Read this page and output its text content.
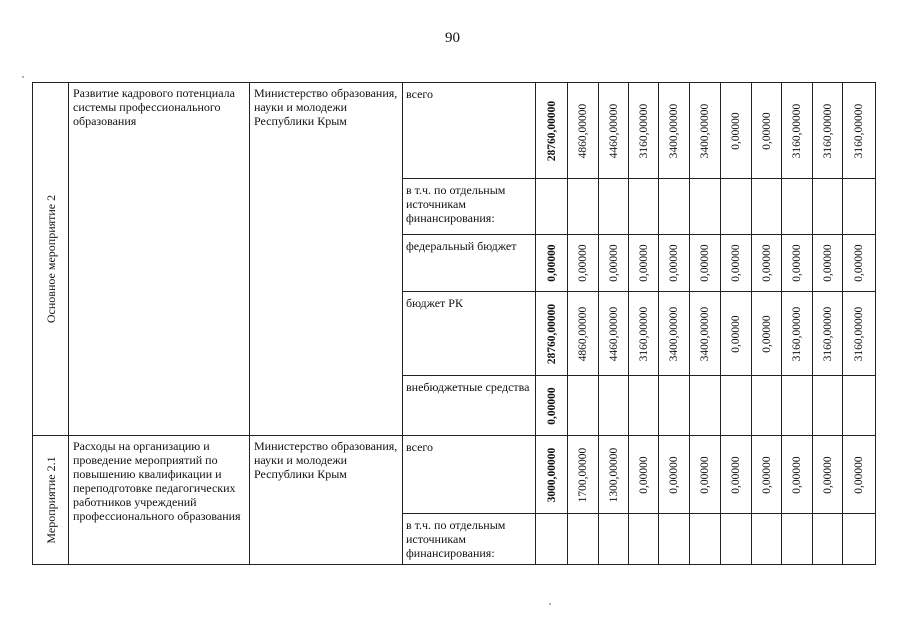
90
Основное мероприятие 2	Развитие кадрового потенциала системы профессионального образования	Министерство образования, науки и молодежи Республики Крым	всего	28760,00000	4860,00000	4460,00000	3160,00000	3400,00000	3400,00000	0,00000	0,00000	3160,00000	3160,00000	3160,00000

			в т.ч. по отдельным источникам финансирования:	

			федеральный бюджет	0,00000	0,00000	0,00000	0,00000	0,00000	0,00000	0,00000	0,00000	0,00000	0,00000	0,00000

			бюджет РК	28760,00000	4860,00000	4460,00000	3160,00000	3400,00000	3400,00000	0,00000	0,00000	3160,00000	3160,00000	3160,00000

			внебюджетные средства	0,00000										

Мероприятие 2.1	Расходы на организацию и проведение мероприятий по повышению квалификации и переподготовке педагогических работников учреждений профессионального образования	Министерство образования, науки и молодежи Республики Крым	всего	3000,00000	1700,00000	1300,00000	0,00000	0,00000	0,00000	0,00000	0,00000	0,00000	0,00000	0,00000

			в т.ч. по отдельным источникам финансирования:	
